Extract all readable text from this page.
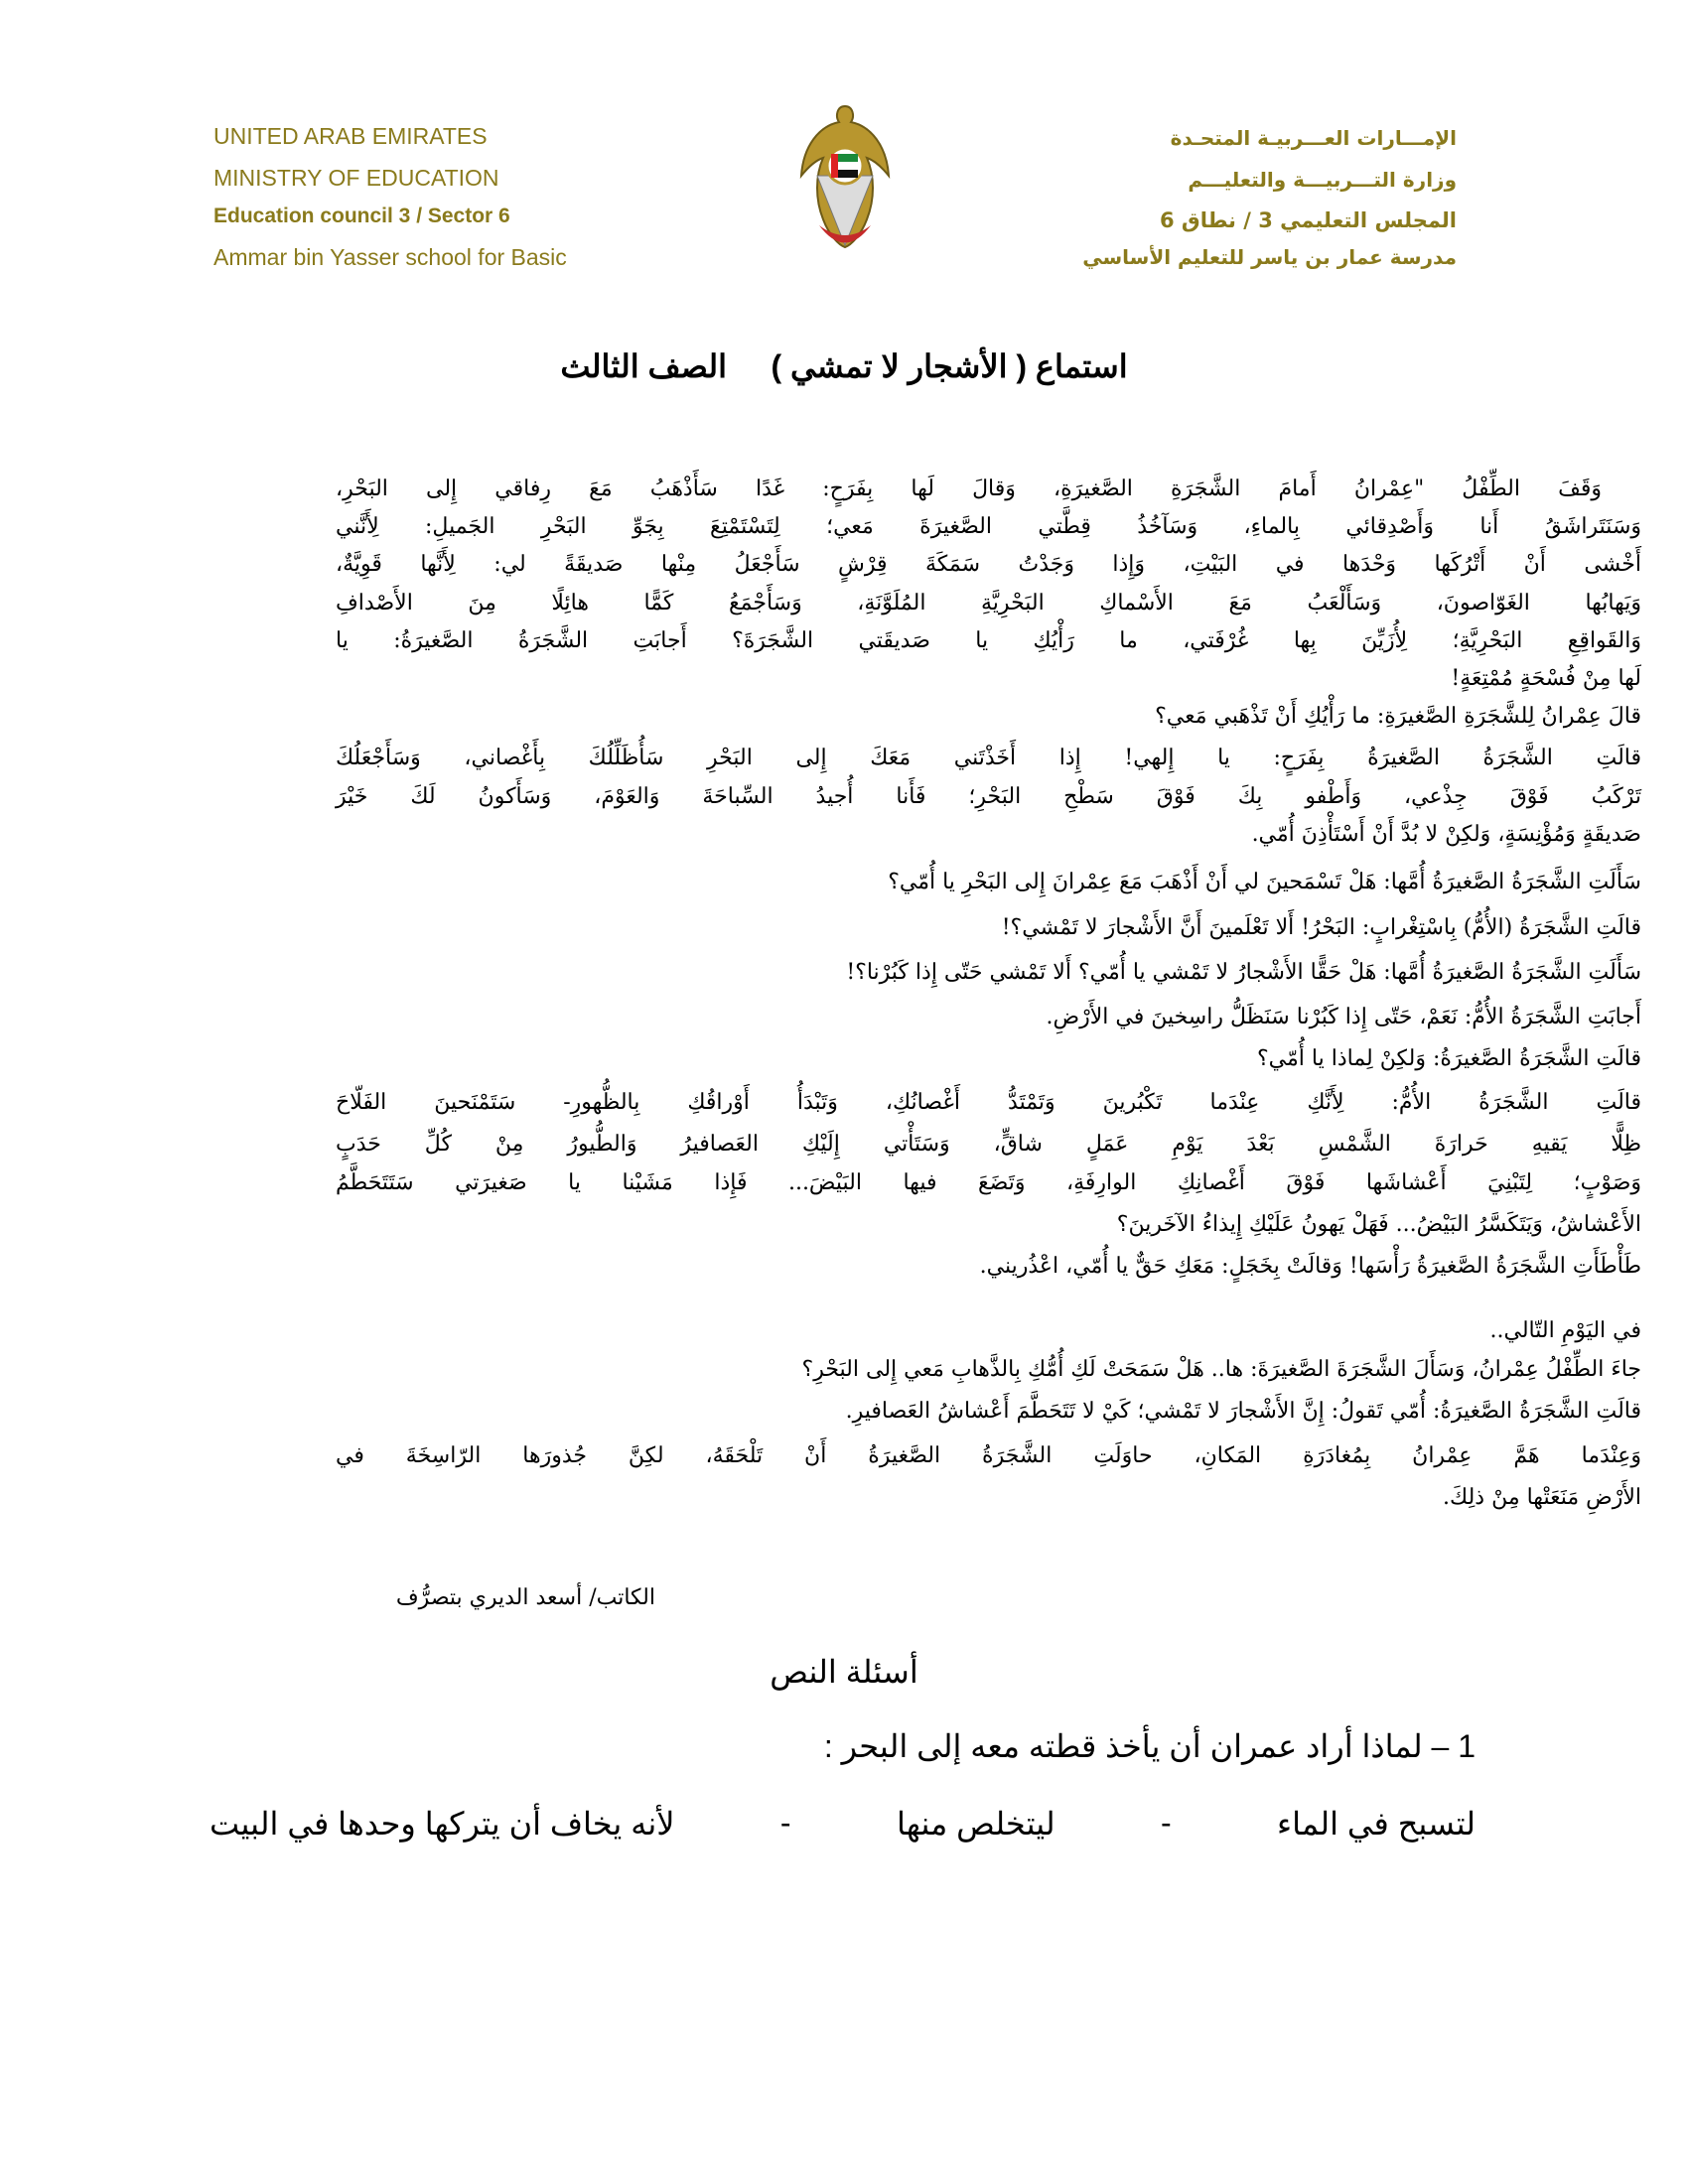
UNITED ARAB EMIRATES
MINISTRY OF EDUCATION
Education council 3 / Sector 6
Ammar bin Yasser school for Basic
الإمـــارات العـــربيـة المتحـدة
وزارة التـــربيـــة والتعليـــم
المجلس التعليمي 3 / نطاق 6
مدرسة عمار بن ياسر للتعليم الأساسي
استماع ( الأشجار لا تمشي )     الصف الثالث
وَقَفَ الطِّفْلُ "عِمْرانُ أَمامَ الشَّجَرَةِ الصَّغيرَةِ، وَقالَ لَها بِفَرَحٍ: غَدًا سَأَذْهَبُ مَعَ رِفاقي إِلى البَحْرِ،
وَسَنَتَراشَقُ أَنا وَأَصْدِقائي بِالماءِ، وَسَآخُذُ قِطَّتي الصَّغيرَةَ مَعي؛ لِتَسْتَمْتِعَ بِجَوِّ البَحْرِ الجَميلِ: لِأَنَّني
أَخْشى أَنْ أَتْرُكَها وَحْدَها في البَيْتِ، وَإِذا وَجَدْتُ سَمَكَةَ قِرْشٍ سَأَجْعَلُ مِنْها صَديقَةً لي: لِأَنَّها قَوِيَّةٌ،
وَيَهابُها الغَوّاصونَ، وَسَأَلْعَبُ مَعَ الأَسْماكِ البَحْرِيَّةِ المُلَوَّنَةِ، وَسَأَجْمَعُ كَمًّا هائِلًا مِنَ الأَصْدافِ
وَالقَواقِعِ البَحْرِيَّةِ؛ لِأُزَيِّنَ بِها غُرْفَتي، ما رَأْيُكِ يا صَديقَتي الشَّجَرَةَ؟ أَجابَتِ الشَّجَرَةُ الصَّغيرَةُ: يا
لَها مِنْ فُسْحَةٍ مُمْتِعَةٍ!
قالَ عِمْرانُ لِلشَّجَرَةِ الصَّغيرَةِ: ما رَأْيُكِ أَنْ تَذْهَبي مَعي؟
قالَتِ الشَّجَرَةُ الصَّغيرَةُ بِفَرَحٍ: يا إِلهي! إِذا أَخَذْتَني مَعَكَ إِلى البَحْرِ سَأُظَلِّلُكَ بِأَغْصاني، وَسَأَجْعَلُكَ
تَرْكَبُ فَوْقَ جِذْعي، وَأَطْفو بِكَ فَوْقَ سَطْحِ البَحْرِ؛ فَأَنا أُجيدُ السِّباحَةَ وَالعَوْمَ، وَسَأَكونُ لَكَ خَيْرَ
صَديقَةٍ وَمُؤْنِسَةٍ، وَلكِنْ لا بُدَّ أَنْ أَسْتَأْذِنَ أُمّي.
سَأَلَتِ الشَّجَرَةُ الصَّغيرَةُ أُمَّها: هَلْ تَسْمَحينَ لي أَنْ أَذْهَبَ مَعَ عِمْرانَ إِلى البَحْرِ يا أُمّي؟
قالَتِ الشَّجَرَةُ (الأُمُّ) بِاسْتِغْرابٍ: البَحْرُ! أَلا تَعْلَمينَ أَنَّ الأَشْجارَ لا تَمْشي؟!
سَأَلَتِ الشَّجَرَةُ الصَّغيرَةُ أُمَّها: هَلْ حَقًّا الأَشْجارُ لا تَمْشي يا أُمّي؟ أَلا تَمْشي حَتّى إِذا كَبُرْنا؟!
أَجابَتِ الشَّجَرَةُ الأُمُّ: نَعَمْ، حَتّى إِذا كَبُرْنا سَنَظَلُّ راسِخينَ في الأَرْضِ.
قالَتِ الشَّجَرَةُ الصَّغيرَةُ: وَلكِنْ لِماذا يا أُمّي؟
قالَتِ الشَّجَرَةُ الأُمُّ: لِأَنَّكِ عِنْدَما تَكْبُرينَ وَتَمْتَدُّ أَغْصانُكِ، وَتَبْدَأُ أَوْراقُكِ بِالظُّهورِ- سَتَمْنَحينَ الفَلّاحَ
ظِلًّا يَقيهِ حَرارَةَ الشَّمْسِ بَعْدَ يَوْمِ عَمَلٍ شاقٍّ، وَسَتَأْتي إِلَيْكِ العَصافيرُ وَالطُّيورُ مِنْ كُلِّ حَدَبٍ
وَصَوْبٍ؛ لِتَبْنِيَ أَعْشاشَها فَوْقَ أَغْصانِكِ الوارِفَةِ، وَتَضَعَ فيها البَيْضَ... فَإِذا مَشَيْنا يا صَغيرَتي سَتَتَحَطَّمُ
الأَعْشاشُ، وَيَتَكَسَّرُ البَيْضُ... فَهَلْ يَهونُ عَلَيْكِ إِيذاءُ الآخَرينَ؟
طَأْطَأَتِ الشَّجَرَةُ الصَّغيرَةُ رَأْسَها! وَقالَتْ بِخَجَلٍ: مَعَكِ حَقٌّ يا أُمّي، اعْذُريني.
في اليَوْمِ التّالي..
جاءَ الطِّفْلُ عِمْرانُ، وَسَأَلَ الشَّجَرَةَ الصَّغيرَةَ: ها.. هَلْ سَمَحَتْ لَكِ أُمُّكِ بِالذَّهابِ مَعي إِلى البَحْرِ؟
قالَتِ الشَّجَرَةُ الصَّغيرَةُ: أُمّي تَقولُ: إِنَّ الأَشْجارَ لا تَمْشي؛ كَيْ لا تَتَحَطَّمَ أَعْشاشُ العَصافيرِ.
وَعِنْدَما هَمَّ عِمْرانُ بِمُغادَرَةِ المَكانِ، حاوَلَتِ الشَّجَرَةُ الصَّغيرَةُ أَنْ تَلْحَقَهُ، لكِنَّ جُذورَها الرّاسِخَةَ في
الأَرْضِ مَنَعَتْها مِنْ ذلِكَ.
الكاتب/ أسعد الديري بتصرُّف
أسئلة النص
1 – لماذا أراد عمران أن يأخذ قطته معه إلى البحر :
لتسبح في الماء
-
ليتخلص منها
-
لأنه يخاف أن يتركها وحدها في البيت
